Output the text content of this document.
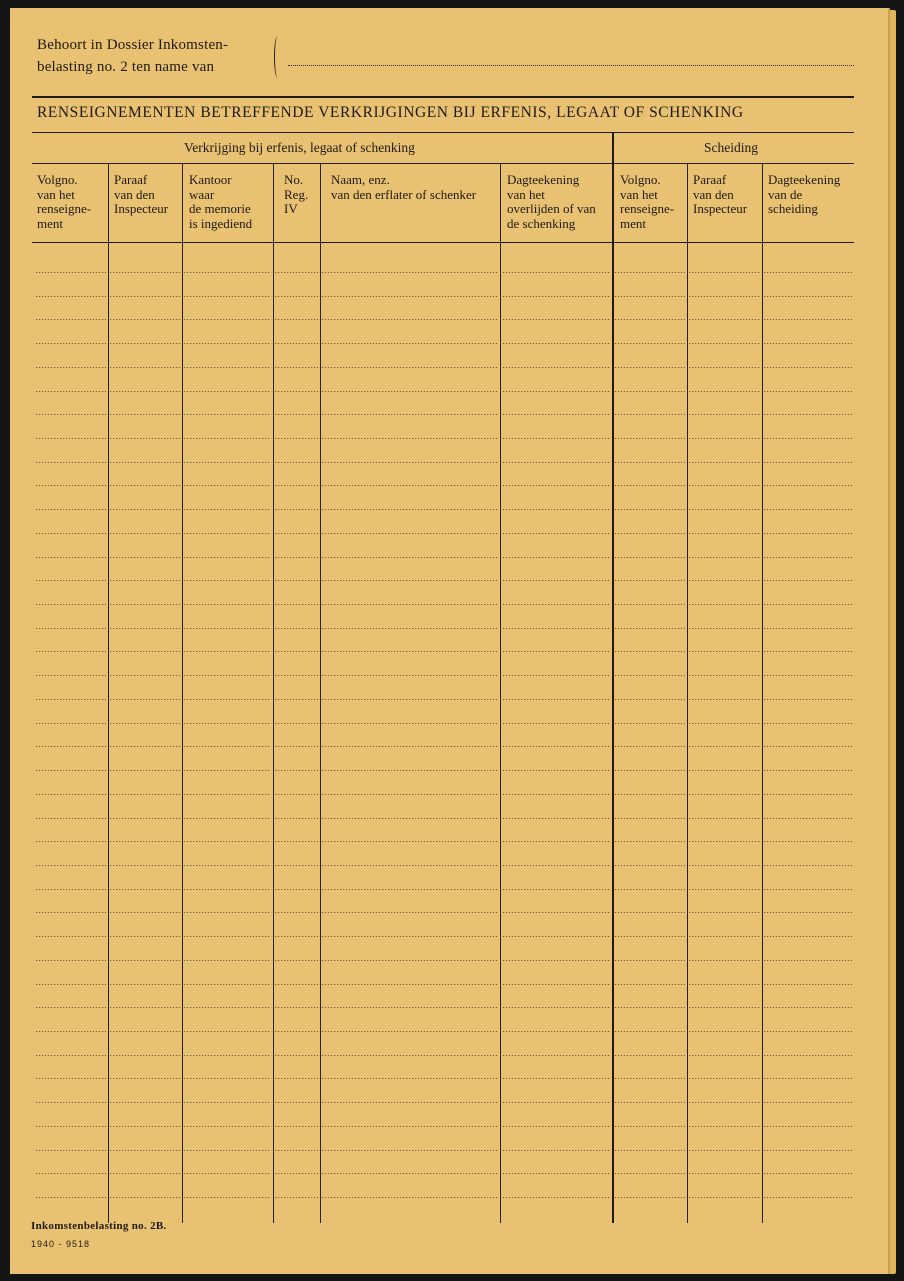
Behoort in Dossier Inkomsten-
belasting no. 2 ten name van
RENSEIGNEMENTEN BETREFFENDE VERKRIJGINGEN BIJ ERFENIS, LEGAAT OF SCHENKING
Verkrijging bij erfenis, legaat of schenking	Scheiding
Volgno.
van het
renseigne-
ment
Paraaf
van den
Inspecteur
Kantoor
waar
de memorie
is ingediend
No.
Reg.
IV
Naam, enz.
van den erflater of schenker
Dagteekening
van het
overlijden of van
de schenking
Volgno.
van het
renseigne-
ment
Paraaf
van den
Inspecteur
Dagteekening
van de
scheiding
Inkomstenbelasting no. 2B.
1940 - 9518
